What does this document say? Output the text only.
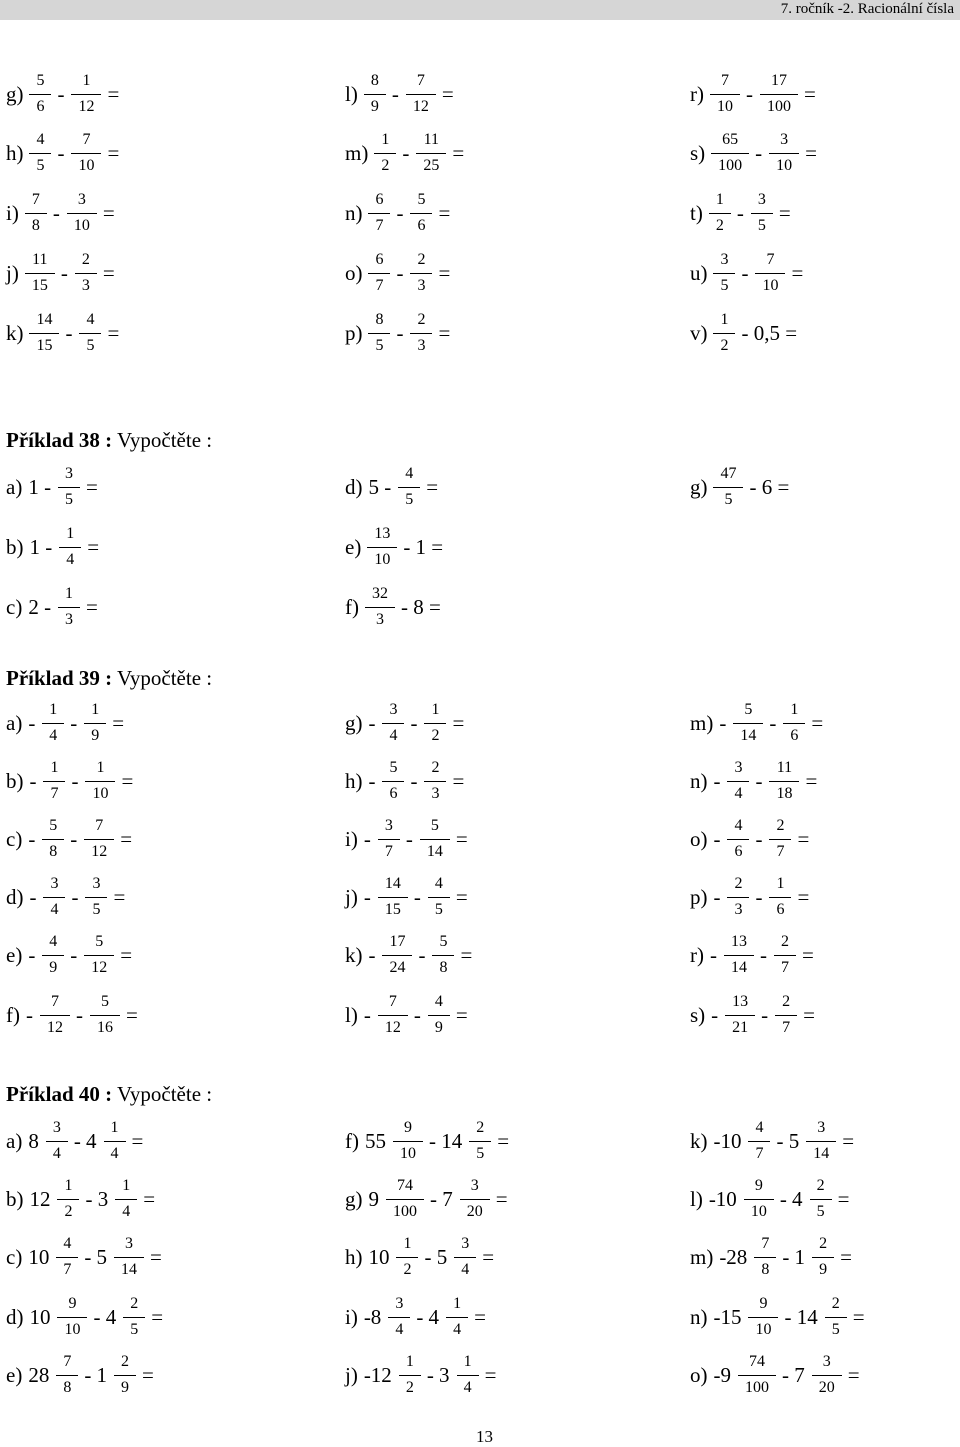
7. ročník -2. Racionální čísla
g)
5
6
-
1
12
=
h)
4
5
-
7
10
=
i)
7
8
-
3
10
=
j)
11
15
-
2
3
=
k)
14
15
-
4
5
=
l)
8
9
-
7
12
=
m)
1
2
-
11
25
=
n)
6
7
-
5
6
=
o)
6
7
-
2
3
=
p)
8
5
-
2
3
=
r)
7
10
-
17
100
=
s)
65
100
-
3
10
=
t)
1
2
-
3
5
=
u)
3
5
-
7
10
=
v)
1
2
- 0,5 =
Příklad 38 : Vypočtěte :
a) 1 -
3
5
=
b) 1 -
1
4
=
c) 2 -
1
3
=
d) 5 -
4
5
=
e)
13
10
- 1 =
f)
32
3
- 8 =
g)
47
5
- 6 =
Příklad 39 : Vypočtěte :
a) -
1
4
-
1
9
=
b) -
1
7
-
1
10
=
c) -
5
8
-
7
12
=
d) -
3
4
-
3
5
=
e) -
4
9
-
5
12
=
f) -
7
12
-
5
16
=
g) -
3
4
-
1
2
=
h) -
5
6
-
2
3
=
i) -
3
7
-
5
14
=
j) -
14
15
-
4
5
=
k) -
17
24
-
5
8
=
l) -
7
12
-
4
9
=
m) -
5
14
-
1
6
=
n) -
3
4
-
11
18
=
o) -
4
6
-
2
7
=
p) -
2
3
-
1
6
=
r) -
13
14
-
2
7
=
s) -
13
21
-
2
7
=
Příklad 40 : Vypočtěte :
a) 8
3
4
- 4
1
4
=
b) 12
1
2
- 3
1
4
=
c) 10
4
7
- 5
3
14
=
d) 10
9
10
- 4
2
5
=
e) 28
7
8
- 1
2
9
=
f) 55
9
10
- 14
2
5
=
g) 9
74
100
- 7
3
20
=
h) 10
1
2
- 5
3
4
=
i) -8
3
4
- 4
1
4
=
j) -12
1
2
- 3
1
4
=
k) -10
4
7
- 5
3
14
=
l) -10
9
10
- 4
2
5
=
m) -28
7
8
- 1
2
9
=
n) -15
9
10
- 14
2
5
=
o) -9
74
100
- 7
3
20
=
13
